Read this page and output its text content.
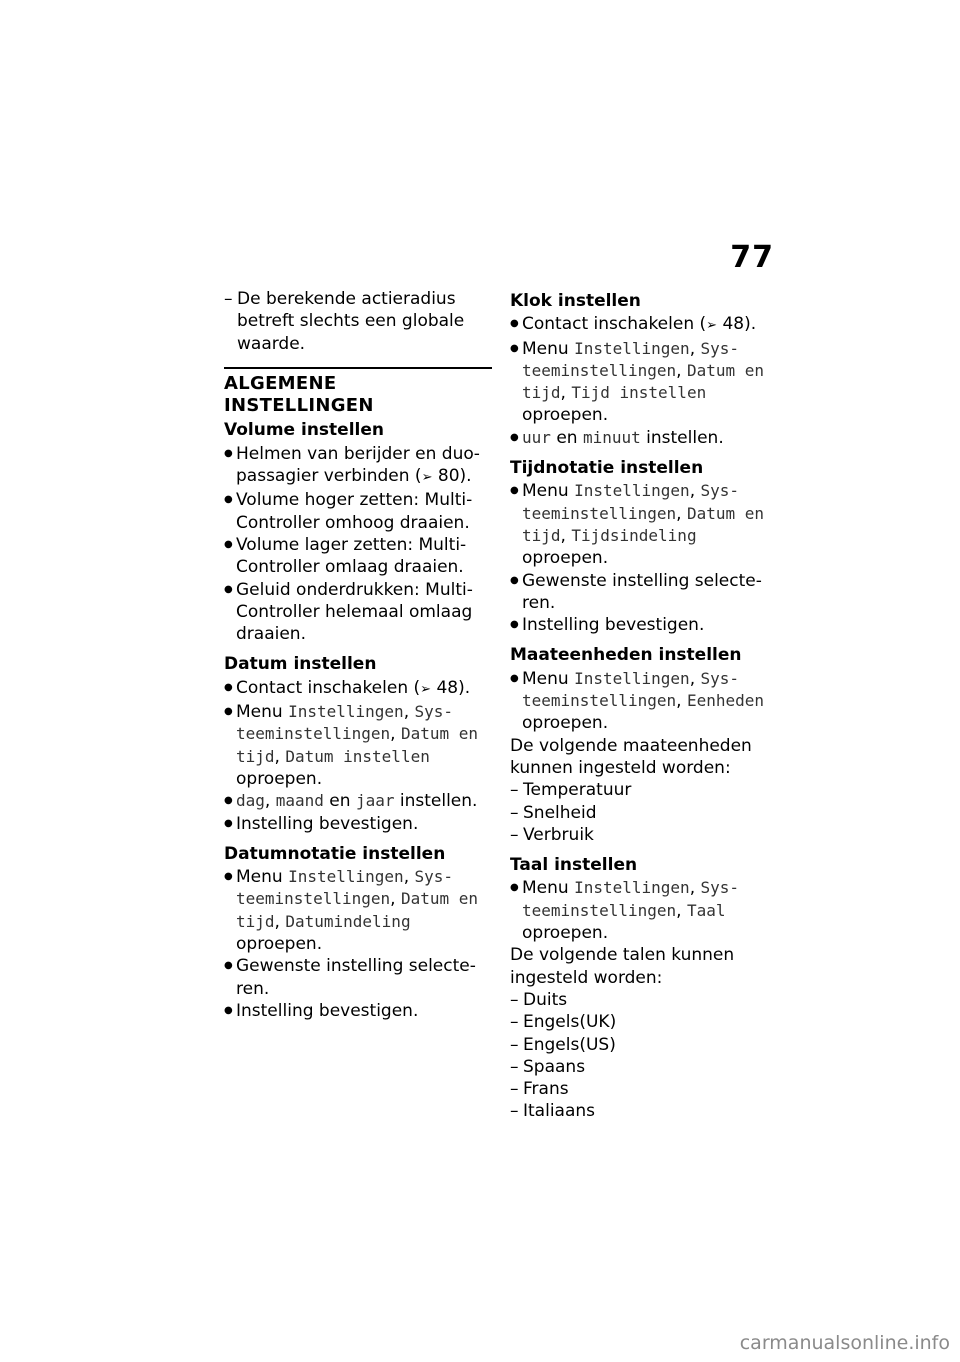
77
– De berekende actieradius betreft slechts een globale waarde.
ALGEMENE INSTELLINGEN
Volume instellen
● Helmen van berijder en duopassagier verbinden (➢ 80).
● Volume hoger zetten: Multi-Controller omhoog draaien.
● Volume lager zetten: Multi-Controller omlaag draaien.
● Geluid onderdrukken: Multi-Controller helemaal omlaag draaien.
Datum instellen
● Contact inschakelen (➢ 48).
● Menu Instellingen, Systeeminstellingen, Datum en tijd, Datum instellen oproepen.
● dag, maand en jaar instellen.
● Instelling bevestigen.
Datumnotatie instellen
● Menu Instellingen, Systeeminstellingen, Datum en tijd, Datumindeling oproepen.
● Gewenste instelling selecteren.
● Instelling bevestigen.
Klok instellen
● Contact inschakelen (➢ 48).
● Menu Instellingen, Systeeminstellingen, Datum en tijd, Tijd instellen oproepen.
● uur en minuut instellen.
Tijdnotatie instellen
● Menu Instellingen, Systeeminstellingen, Datum en tijd, Tijdsindeling oproepen.
● Gewenste instelling selecteren.
● Instelling bevestigen.
Maateenheden instellen
● Menu Instellingen, Systeeminstellingen, Eenheden oproepen.
De volgende maateenheden kunnen ingesteld worden:
– Temperatuur
– Snelheid
– Verbruik
Taal instellen
● Menu Instellingen, Systeeminstellingen, Taal oproepen.
De volgende talen kunnen ingesteld worden:
– Duits
– Engels(UK)
– Engels(US)
– Spaans
– Frans
– Italiaans
carmanualsonline.info
